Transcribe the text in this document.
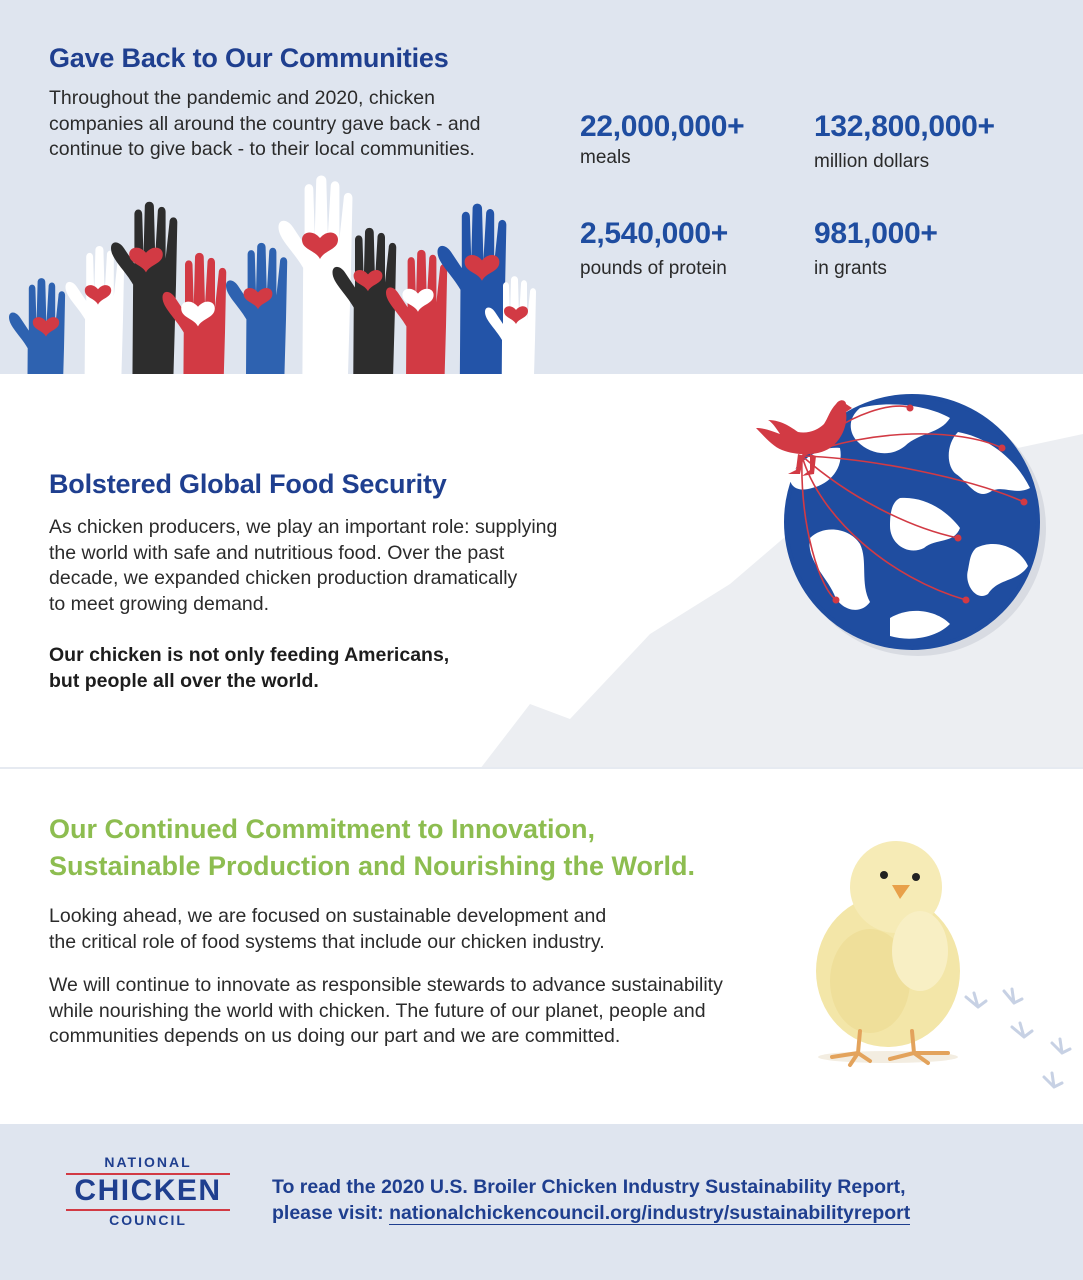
Gave Back to Our Communities
Throughout the pandemic and 2020, chicken
companies all around the country gave back - and
continue to give back - to their local communities.
22,000,000+
meals
132,800,000+
million dollars
2,540,000+
pounds of protein
981,000+
in grants
Bolstered Global Food Security
As chicken producers, we play an important role: supplying
the world with safe and nutritious food. Over the past
decade, we expanded chicken production dramatically
to meet growing demand.
Our chicken is not only feeding Americans,
but people all over the world.
Our Continued Commitment to Innovation,
Sustainable Production and Nourishing the World.
Looking ahead, we are focused on sustainable development and
the critical role of food systems that include our chicken industry.
We will continue to innovate as responsible stewards to advance sustainability
while nourishing the world with chicken. The future of our planet, people and
communities depends on us doing our part and we are committed.
NATIONAL
CHICKEN
COUNCIL
To read the 2020 U.S. Broiler Chicken Industry Sustainability Report,
please visit: nationalchickencouncil.org/industry/sustainabilityreport
